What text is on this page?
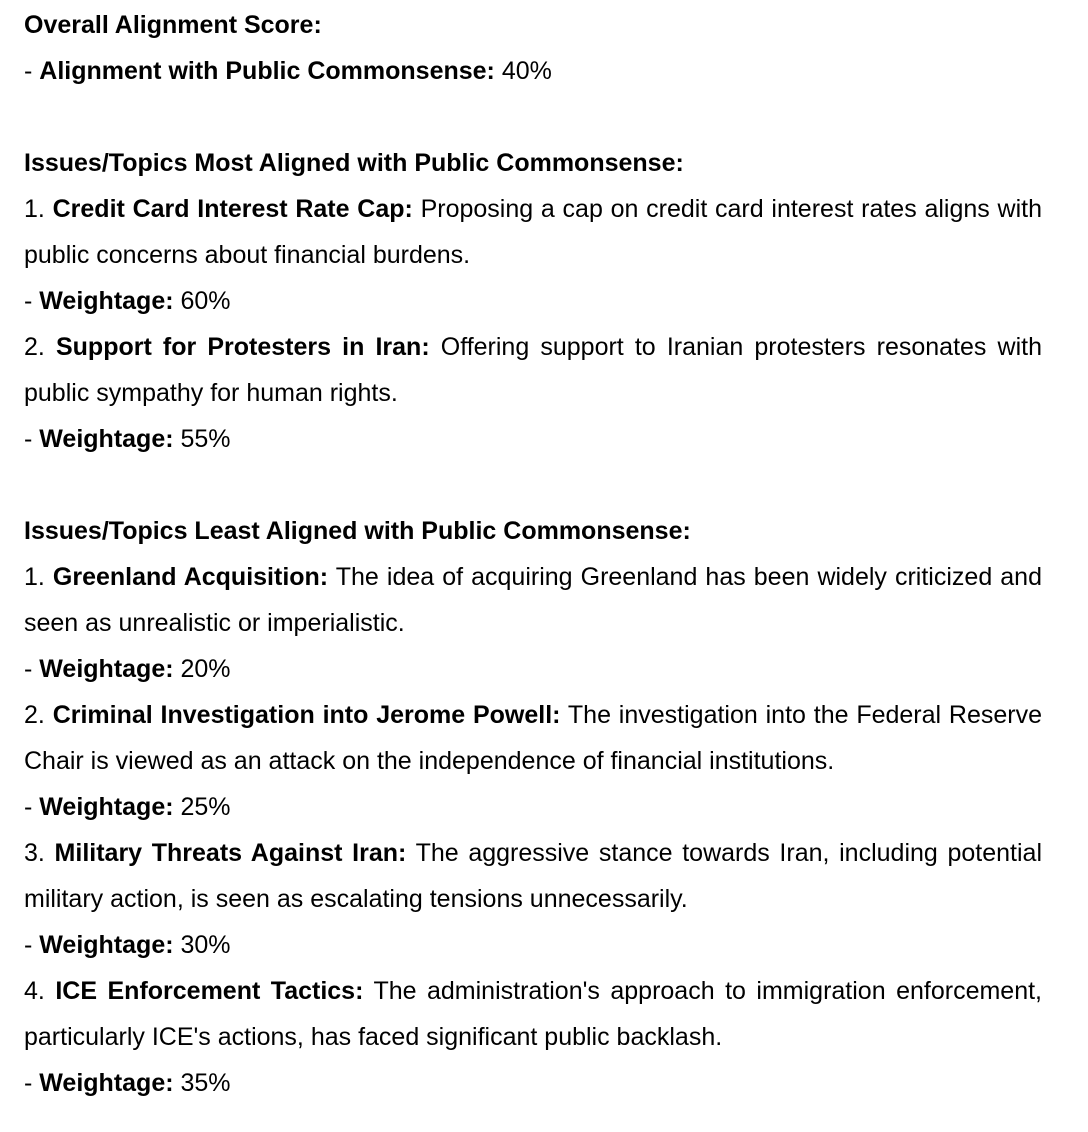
Overall Alignment Score:
- Alignment with Public Commonsense: 40%
Issues/Topics Most Aligned with Public Commonsense:
1. Credit Card Interest Rate Cap: Proposing a cap on credit card interest rates aligns with public concerns about financial burdens.
- Weightage: 60%
2. Support for Protesters in Iran: Offering support to Iranian protesters resonates with public sympathy for human rights.
- Weightage: 55%
Issues/Topics Least Aligned with Public Commonsense:
1. Greenland Acquisition: The idea of acquiring Greenland has been widely criticized and seen as unrealistic or imperialistic.
- Weightage: 20%
2. Criminal Investigation into Jerome Powell: The investigation into the Federal Reserve Chair is viewed as an attack on the independence of financial institutions.
- Weightage: 25%
3. Military Threats Against Iran: The aggressive stance towards Iran, including potential military action, is seen as escalating tensions unnecessarily.
- Weightage: 30%
4. ICE Enforcement Tactics: The administration's approach to immigration enforcement, particularly ICE's actions, has faced significant public backlash.
- Weightage: 35%
